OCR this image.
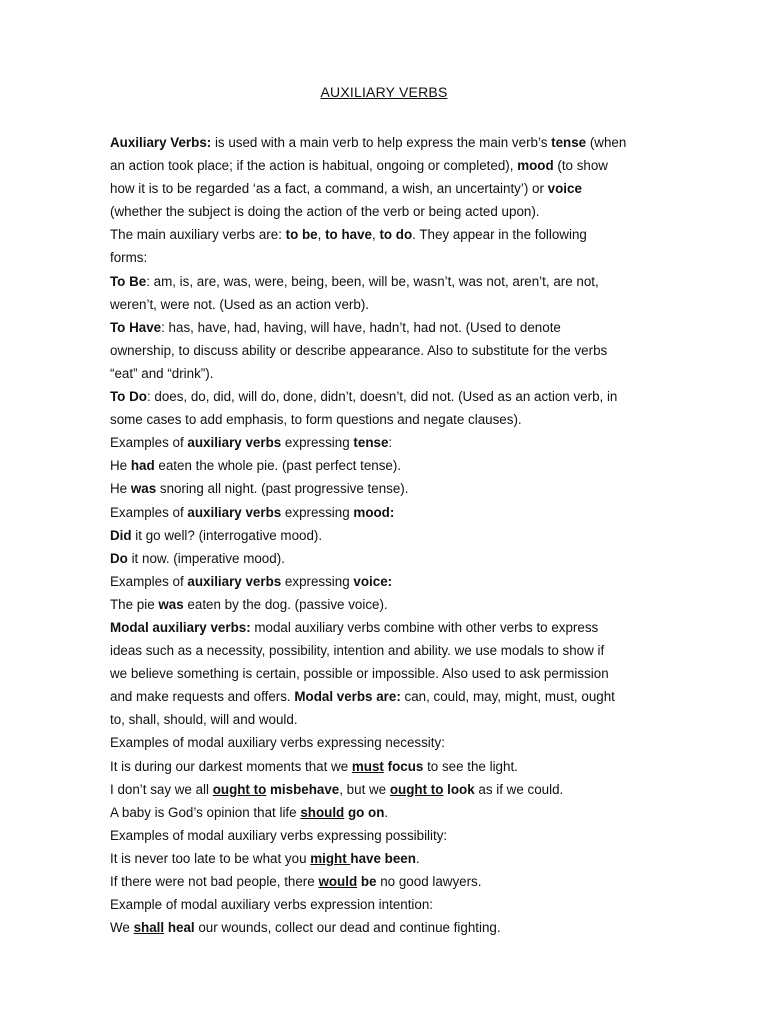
AUXILIARY VERBS
Auxiliary Verbs: is used with a main verb to help express the main verb’s tense (when
an action took place; if the action is habitual, ongoing or completed), mood (to show
how it is to be regarded ‘as a fact, a command, a wish, an uncertainty’) or voice
(whether the subject is doing the action of the verb or being acted upon).
The main auxiliary verbs are: to be, to have, to do. They appear in the following
forms:
To Be: am, is, are, was, were, being, been, will be, wasn’t, was not, aren’t, are not,
weren’t, were not. (Used as an action verb).
To Have: has, have, had, having, will have, hadn’t, had not. (Used to denote
ownership, to discuss ability or describe appearance. Also to substitute for the verbs
“eat” and “drink”).
To Do: does, do, did, will do, done, didn’t, doesn’t, did not. (Used as an action verb, in
some cases to add emphasis, to form questions and negate clauses).
Examples of auxiliary verbs expressing tense:
He had eaten the whole pie. (past perfect tense).
He was snoring all night. (past progressive tense).
Examples of auxiliary verbs expressing mood:
Did it go well? (interrogative mood).
Do it now. (imperative mood).
Examples of auxiliary verbs expressing voice:
The pie was eaten by the dog. (passive voice).
Modal auxiliary verbs: modal auxiliary verbs combine with other verbs to express
ideas such as a necessity, possibility, intention and ability. we use modals to show if
we believe something is certain, possible or impossible. Also used to ask permission
and make requests and offers. Modal verbs are: can, could, may, might, must, ought
to, shall, should, will and would.
Examples of modal auxiliary verbs expressing necessity:
It is during our darkest moments that we must focus to see the light.
I don’t say we all ought to misbehave, but we ought to look as if we could.
A baby is God’s opinion that life should go on.
Examples of modal auxiliary verbs expressing possibility:
It is never too late to be what you might have been.
If there were not bad people, there would be no good lawyers.
Example of modal auxiliary verbs expression intention:
We shall heal our wounds, collect our dead and continue fighting.
